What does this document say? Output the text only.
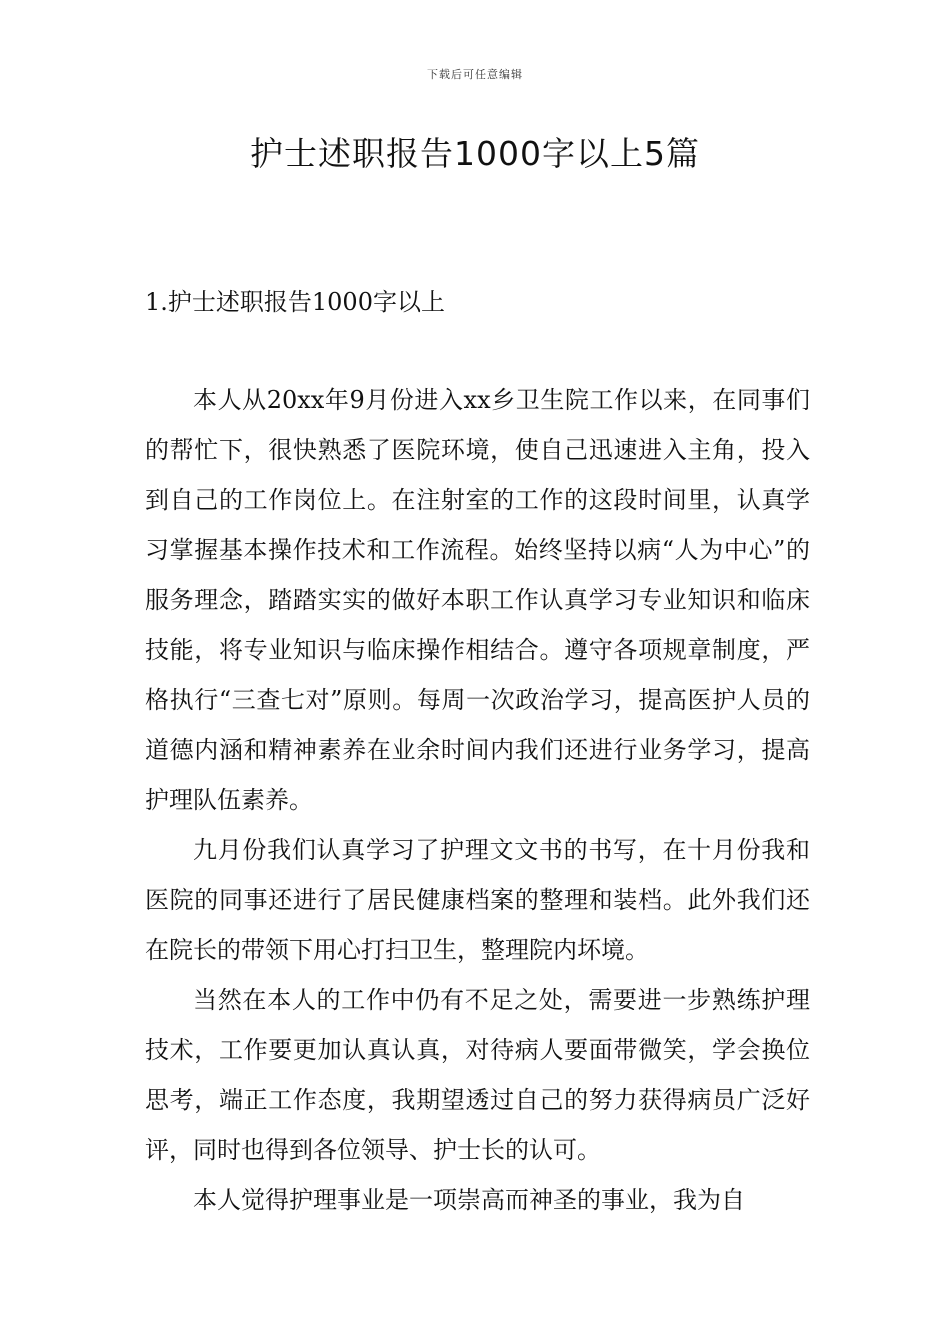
下载后可任意编辑
护士述职报告1000字以上5篇
1.护士述职报告1000字以上

本人从20xx年9月份进入xx乡卫生院工作以来，在同事们的帮忙下，很快熟悉了医院环境，使自己迅速进入主角，投入到自己的工作岗位上。在注射室的工作的这段时间里，认真学习掌握基本操作技术和工作流程。始终坚持以病“人为中心”的服务理念，踏踏实实的做好本职工作认真学习专业知识和临床技能，将专业知识与临床操作相结合。遵守各项规章制度，严格执行“三查七对”原则。每周一次政治学习，提高医护人员的道德内涵和精神素养在业余时间内我们还进行业务学习，提高护理队伍素养。

九月份我们认真学习了护理文文书的书写，在十月份我和医院的同事还进行了居民健康档案的整理和装档。此外我们还在院长的带领下用心打扫卫生，整理院内坏境。

当然在本人的工作中仍有不足之处，需要进一步熟练护理技术，工作要更加认真认真，对待病人要面带微笑，学会换位思考，端正工作态度，我期望透过自己的努力获得病员广泛好评，同时也得到各位领导、护士长的认可。

本人觉得护理事业是一项崇高而神圣的事业，我为自
